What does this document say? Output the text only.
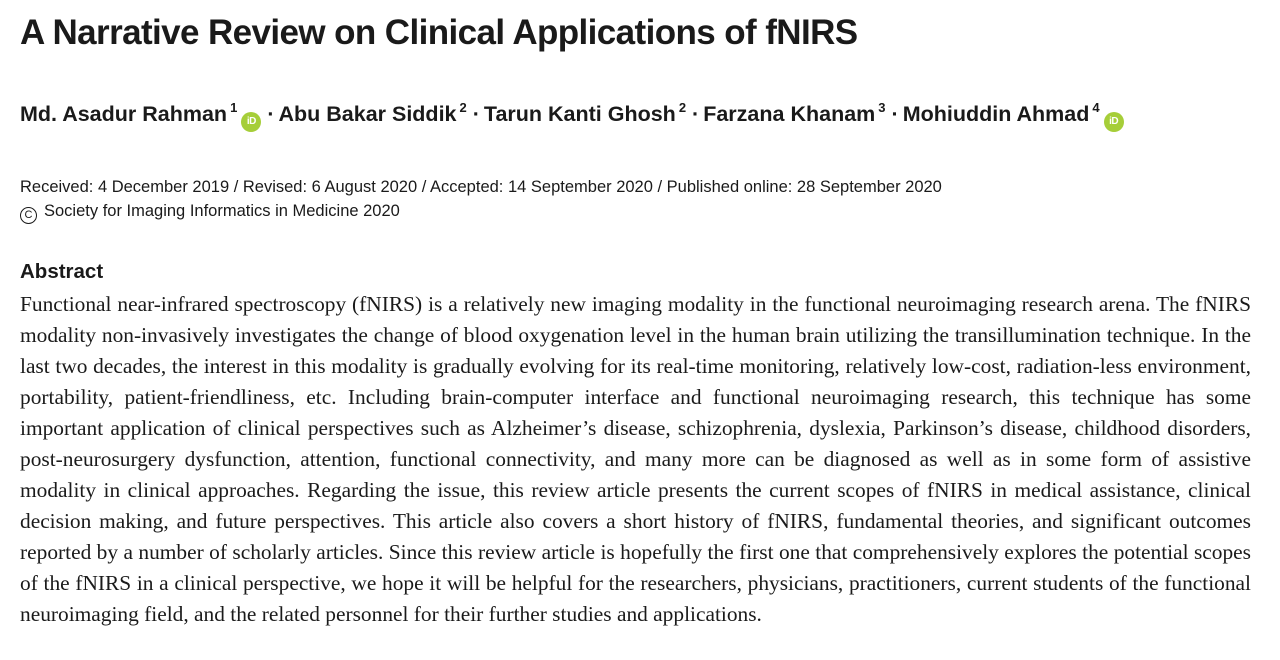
A Narrative Review on Clinical Applications of fNIRS
Md. Asadur Rahman $^1$iD · Abu Bakar Siddik $^2$ · Tarun Kanti Ghosh $^2$ · Farzana Khanam $^3$ · Mohiuddin Ahmad $^4$iD
Received: 4 December 2019 / Revised: 6 August 2020 / Accepted: 14 September 2020 / Published online: 28 September 2020
C Society for Imaging Informatics in Medicine 2020
Abstract

Functional near-infrared spectroscopy (fNIRS) is a relatively new imaging modality in the functional neuroimaging research arena. The fNIRS modality non-invasively investigates the change of blood oxygenation level in the human brain utilizing the transillumination technique. In the last two decades, the interest in this modality is gradually evolving for its real-time monitoring, relatively low-cost, radiation-less environment, portability, patient-friendliness, etc. Including brain-computer interface and functional neuroimaging research, this technique has some important application of clinical perspectives such as Alzheimer’s disease, schizophrenia, dyslexia, Parkinson’s disease, childhood disorders, post-neurosurgery dysfunction, attention, functional connectivity, and many more can be diagnosed as well as in some form of assistive modality in clinical approaches. Regarding the issue, this review article presents the current scopes of fNIRS in medical assistance, clinical decision making, and future perspectives. This article also covers a short history of fNIRS, fundamental theories, and significant outcomes reported by a number of scholarly articles. Since this review article is hopefully the first one that comprehensively explores the potential scopes of the fNIRS in a clinical perspective, we hope it will be helpful for the researchers, physicians, practitioners, current students of the functional neuroimaging field, and the related personnel for their further studies and applications.
